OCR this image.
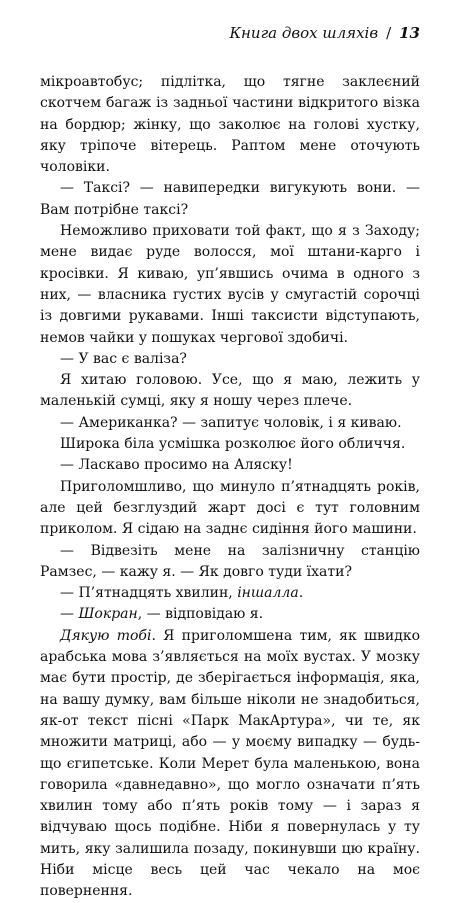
Книга двох шляхів / 13

мікроавтобус; підлітка, що тягне заклеєний скотчем багаж із задньої частини відкритого візка на бордюр; жінку, що заколює на голові хустку, яку тріпоче вітерець. Раптом мене оточують чоловіки.

— Таксі? — навипередки вигукують вони. — Вам потрібне таксі?

Неможливо приховати той факт, що я з Заходу; мене видає руде волосся, мої штани-карго і кросівки. Я киваю, уп’явшись очима в одного з них, — власника густих вусів у смугастій сорочці із довгими рукавами. Інші таксисти відступають, немов чайки у пошуках чергової здобичі.

— У вас є валіза?

Я хитаю головою. Усе, що я маю, лежить у маленькій сумці, яку я ношу через плече.

— Американка? — запитує чоловік, і я киваю.

Широка біла усмішка розколює його обличчя.

— Ласкаво просимо на Аляску!

Приголомшливо, що минуло п’ятнадцять років, але цей безглуздий жарт досі є тут головним приколом. Я сідаю на заднє сидіння його машини.

— Відвезіть мене на залізничну станцію Рамзес, — кажу я. — Як довго туди їхати?

— П’ятнадцять хвилин, іншалла.

— Шокран, — відповідаю я.

Дякую тобі. Я приголомшена тим, як швидко арабська мова з’являється на моїх вустах. У мозку має бути простір, де зберігається інформація, яка, на вашу думку, вам більше ніколи не знадобиться, як-от текст пісні «Парк МакАртура», чи те, як множити матриці, або — у моєму випадку — будь-що єгипетське. Коли Мерет була маленькою, вона говорила «давнедавно», що могло означати п’ять хвилин тому або п’ять років тому — і зараз я відчуваю щось подібне. Ніби я повернулась у ту мить, яку залишила позаду, покинувши цю країну. Ніби місце весь цей час чекало на моє повернення.
